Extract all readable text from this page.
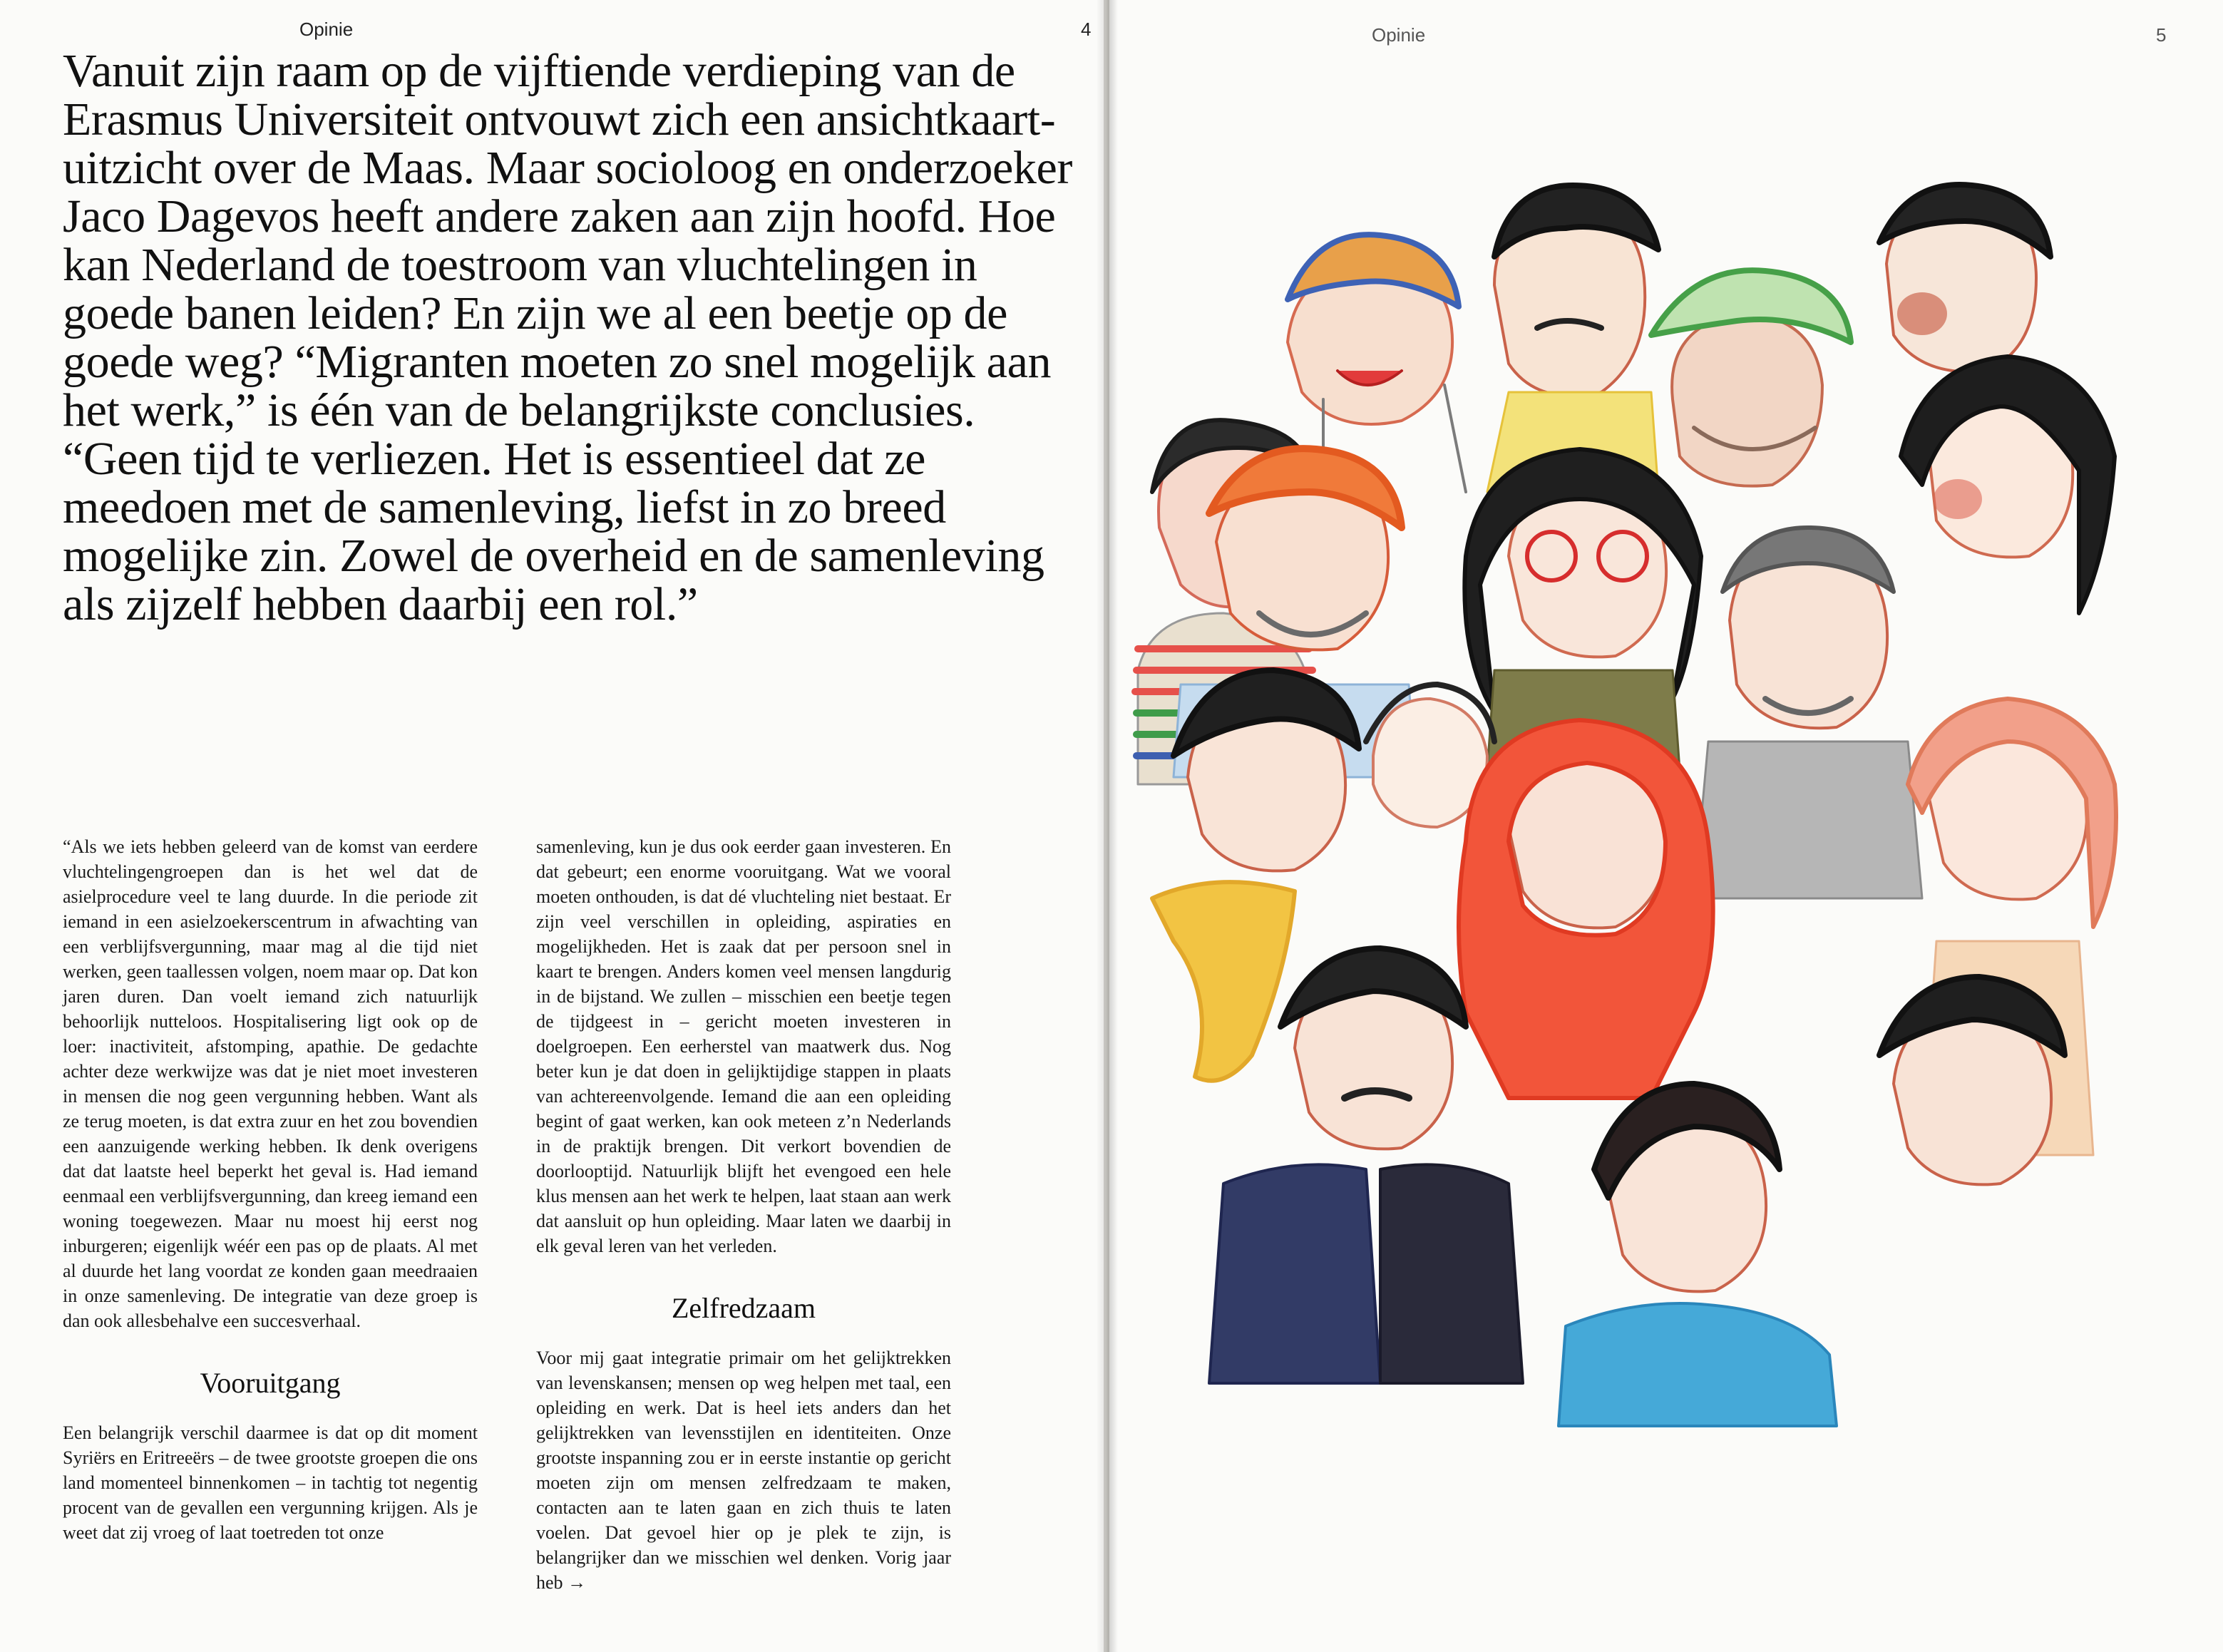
Opinie	4

Vanuit zijn raam op de vijftiende verdieping van de Erasmus Universiteit ontvouwt zich een ansichtkaart-uitzicht over de Maas. Maar socioloog en onderzoeker Jaco Dagevos heeft andere zaken aan zijn hoofd. Hoe kan Nederland de toestroom van vluchtelingen in goede banen leiden? En zijn we al een beetje op de goede weg? “Migranten moeten zo snel mogelijk aan het werk,” is één van de belangrijkste conclusies. “Geen tijd te verliezen. Het is essentieel dat ze meedoen met de samenleving, liefst in zo breed mogelijke zin. Zowel de overheid en de samenleving als zijzelf hebben daarbij een rol.”

“Als we iets hebben geleerd van de komst van eerdere vluchtelingengroepen dan is het wel dat de asielprocedure veel te lang duurde. In die periode zit iemand in een asielzoekerscentrum in afwachting van een verblijfsvergunning, maar mag al die tijd niet werken, geen taallessen volgen, noem maar op. Dat kon jaren duren. Dan voelt iemand zich natuurlijk behoorlijk nutteloos. Hospitalisering ligt ook op de loer: inactiviteit, afstomping, apathie. De gedachte achter deze werkwijze was dat je niet moet investeren in mensen die nog geen vergunning hebben. Want als ze terug moeten, is dat extra zuur en het zou bovendien een aanzuigende werking hebben. Ik denk overigens dat dat laatste heel beperkt het geval is. Had iemand eenmaal een verblijfsvergunning, dan kreeg iemand een woning toegewezen. Maar nu moest hij eerst nog inburgeren; eigenlijk wéér een pas op de plaats. Al met al duurde het lang voordat ze konden gaan meedraaien in onze samenleving. De integratie van deze groep is dan ook allesbehalve een succesverhaal.

Vooruitgang

Een belangrijk verschil daarmee is dat op dit moment Syriërs en Eritreeërs – de twee grootste groepen die ons land momenteel binnenkomen – in tachtig tot negentig procent van de gevallen een vergunning krijgen. Als je weet dat zij vroeg of laat toetreden tot onze

samenleving, kun je dus ook eerder gaan investeren. En dat gebeurt; een enorme vooruitgang. Wat we vooral moeten onthouden, is dat dé vluchteling niet bestaat. Er zijn veel verschillen in opleiding, aspiraties en mogelijkheden. Het is zaak dat per persoon snel in kaart te brengen. Anders komen veel mensen langdurig in de bijstand. We zullen – misschien een beetje tegen de tijdgeest in – gericht moeten investeren in doelgroepen. Een eerherstel van maatwerk dus. Nog beter kun je dat doen in gelijktijdige stappen in plaats van achtereenvolgende. Iemand die aan een opleiding begint of gaat werken, kan ook meteen z’n Nederlands in de praktijk brengen. Dit verkort bovendien de doorlooptijd. Natuurlijk blijft het evengoed een hele klus mensen aan het werk te helpen, laat staan aan werk dat aansluit op hun opleiding. Maar laten we daarbij in elk geval leren van het verleden.

Zelfredzaam

Voor mij gaat integratie primair om het gelijktrekken van levenskansen; mensen op weg helpen met taal, een opleiding en werk. Dat is heel iets anders dan het gelijktrekken van levensstijlen en identiteiten. Onze grootste inspanning zou er in eerste instantie op gericht moeten zijn om mensen zelfredzaam te maken, contacten aan te laten gaan en zich thuis te laten voelen. Dat gevoel hier op je plek te zijn, is belangrijker dan we misschien wel denken. Vorig jaar heb →

Opinie	5
